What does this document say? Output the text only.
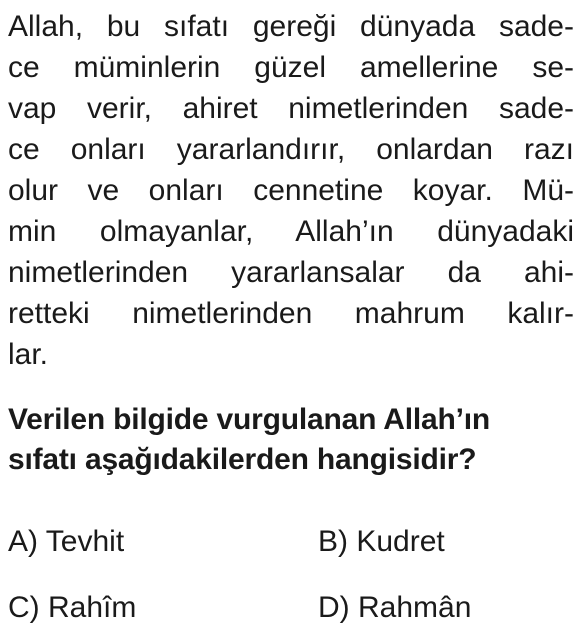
Allah, bu sıfatı gereği dünyada sade-
ce müminlerin güzel amellerine se-
vap verir, ahiret nimetlerinden sade-
ce onları yararlandırır, onlardan razı
olur ve onları cennetine koyar. Mü-
min olmayanlar, Allah’ın dünyadaki
nimetlerinden yararlansalar da ahi-
retteki nimetlerinden mahrum kalır-
lar.
Verilen bilgide vurgulanan Allah’ın
sıfatı aşağıdakilerden hangisidir?
A) Tevhit	B) Kudret
C) Rahîm	D) Rahmân
